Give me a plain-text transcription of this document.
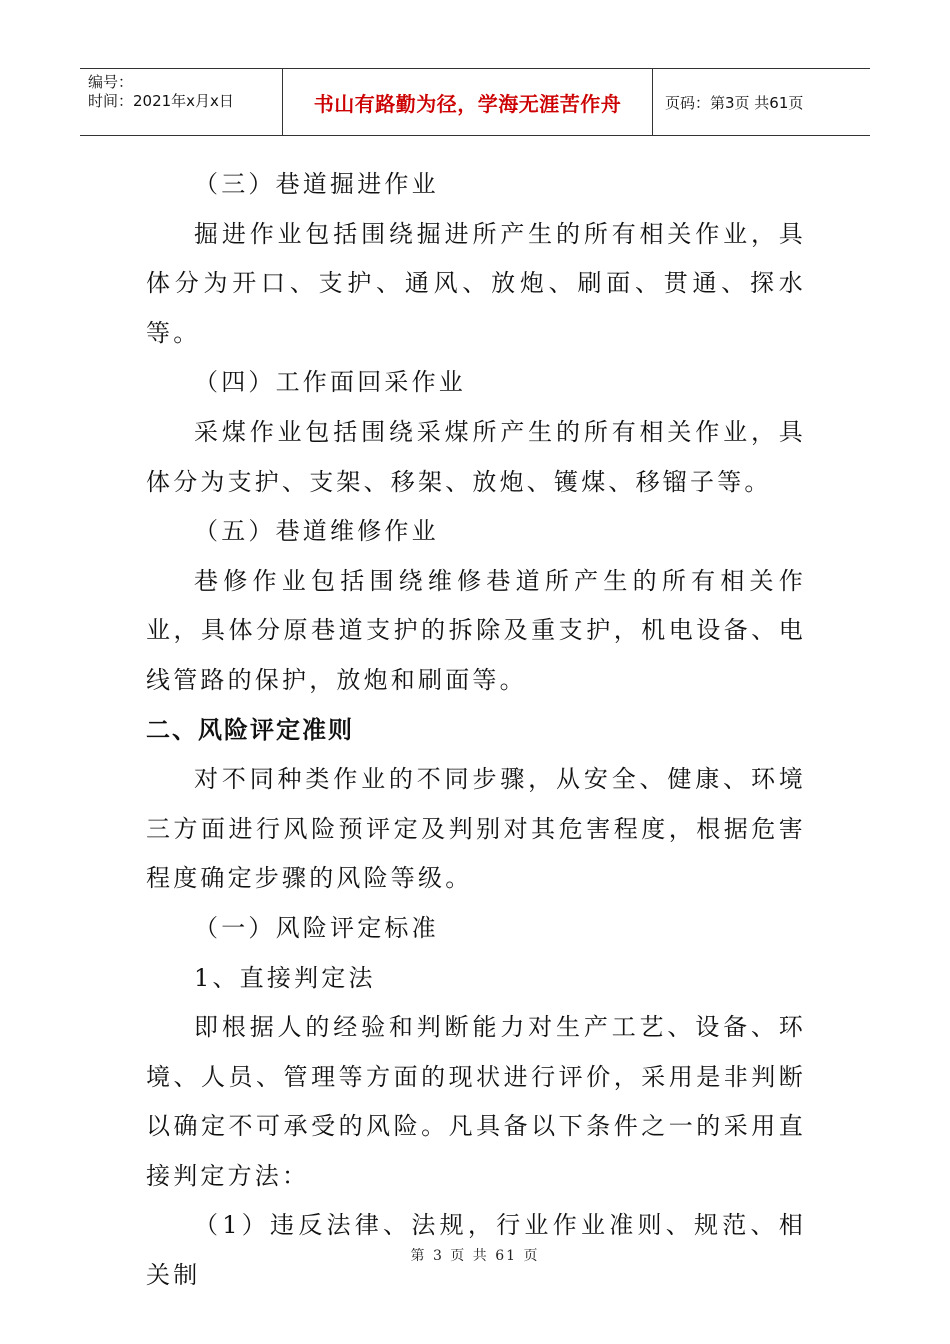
编号：
时间：2021年x月x日	书山有路勤为径，学海无涯苦作舟	页码：第3页 共61页

（三）巷道掘进作业

掘进作业包括围绕掘进所产生的所有相关作业，具体分为开口、支护、通风、放炮、刷面、贯通、探水等。

（四）工作面回采作业

采煤作业包括围绕采煤所产生的所有相关作业，具体分为支护、支架、移架、放炮、镬煤、移镏子等。

（五）巷道维修作业

巷修作业包括围绕维修巷道所产生的所有相关作业，具体分原巷道支护的拆除及重支护，机电设备、电线管路的保护，放炮和刷面等。

二、风险评定准则

对不同种类作业的不同步骤，从安全、健康、环境三方面进行风险预评定及判别对其危害程度，根据危害程度确定步骤的风险等级。

（一）风险评定标准

1、直接判定法

即根据人的经验和判断能力对生产工艺、设备、环境、人员、管理等方面的现状进行评价，采用是非判断以确定不可承受的风险。凡具备以下条件之一的采用直接判定方法：

（1）违反法律、法规，行业作业准则、规范、相关制

第 3 页 共 61 页
